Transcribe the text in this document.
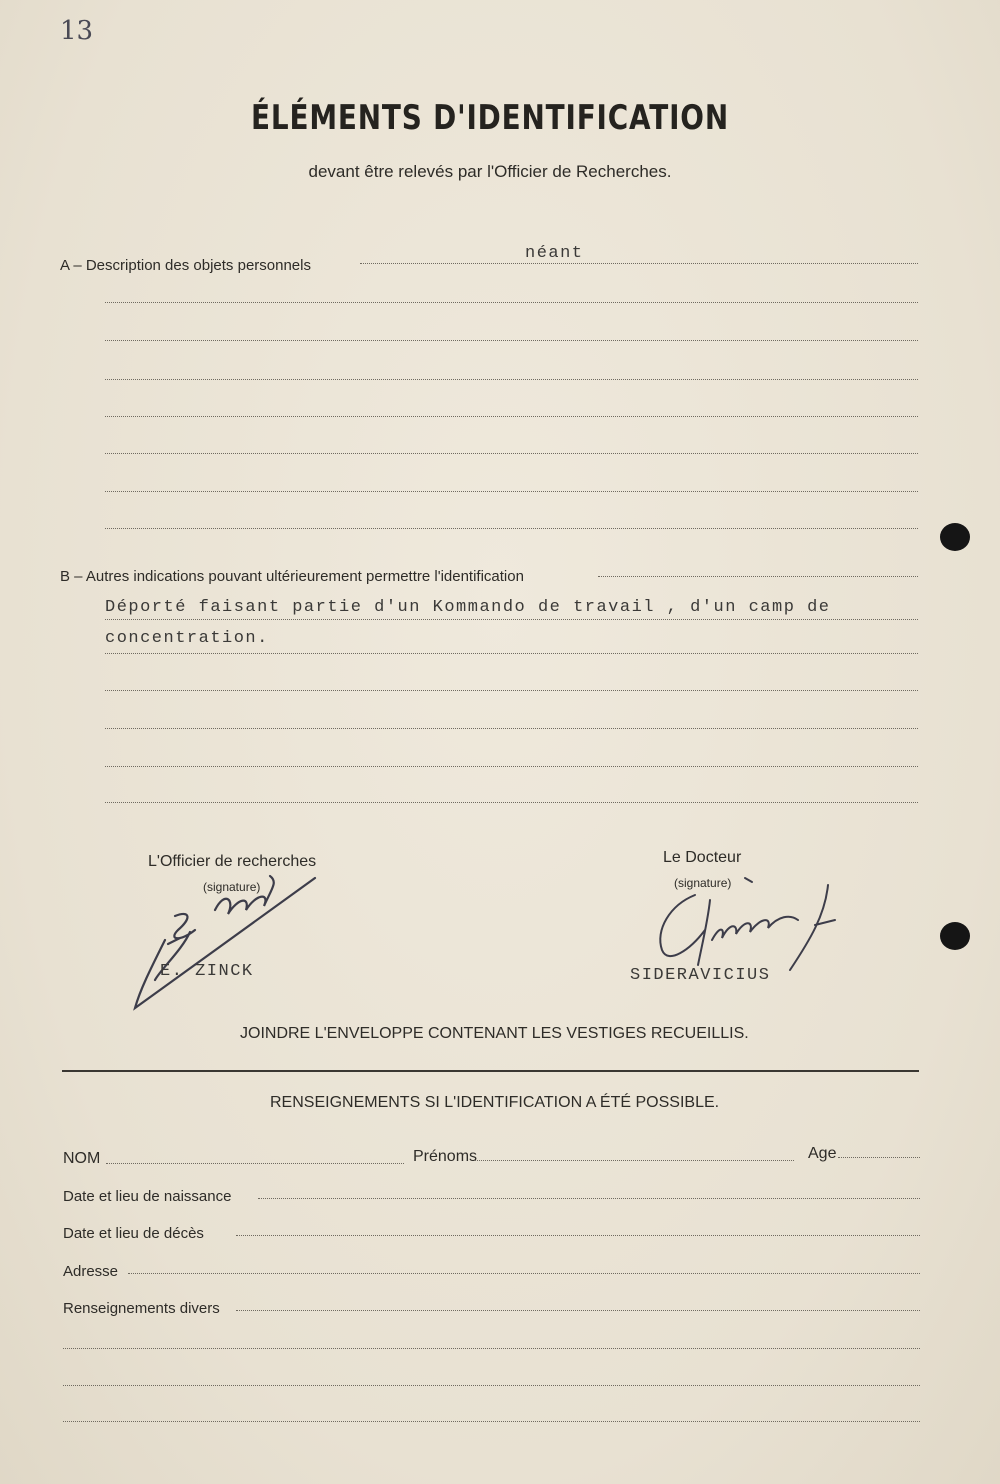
13
ÉLÉMENTS D'IDENTIFICATION
devant être relevés par l'Officier de Recherches.
A – Description des objets personnels
néant
B – Autres indications pouvant ultérieurement permettre l'identification
Déporté faisant partie d'un Kommando de travail , d'un camp de
concentration.
L'Officier de recherches
(signature)
E. ZINCK
Le Docteur
(signature)
SIDERAVICIUS
JOINDRE L'ENVELOPPE CONTENANT LES VESTIGES RECUEILLIS.
RENSEIGNEMENTS SI L'IDENTIFICATION A ÉTÉ POSSIBLE.
NOM	Prénoms	Age
Date et lieu de naissance
Date et lieu de décès
Adresse
Renseignements divers
